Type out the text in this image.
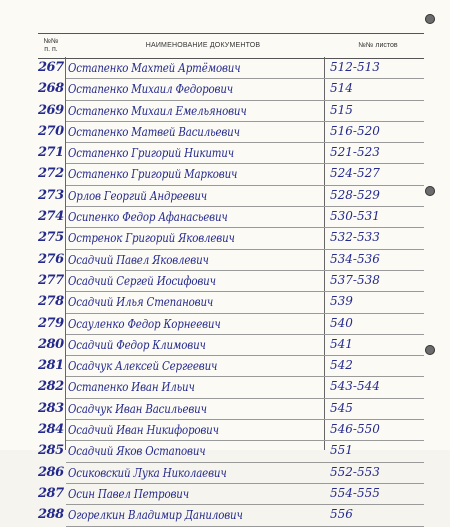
№№
п. п.
НАИМЕНОВАНИЕ ДОКУМЕНТОВ	№№ листов
267 Остапенко Махтей Артёмович	512-513
268 Остапенко Михаил Федорович	514
269 Остапенко Михаил Емельянович	515
270 Остапенко Матвей Васильевич	516-520
271 Остапенко Григорий Никитич	521-523
272 Остапенко Григорий Маркович	524-527
273 Орлов Георгий Андреевич	528-529
274 Осипенко Федор Афанасьевич	530-531
275 Остренок Григорий Яковлевич	532-533
276 Осадчий Павел Яковлевич	534-536
277 Осадчий Сергей Иосифович	537-538
278 Осадчий Илья Степанович	539
279 Осауленко Федор Корнеевич	540
280 Осадчий Федор Климович	541
281 Осадчук Алексей Сергеевич	542
282 Остапенко Иван Ильич	543-544
283 Осадчук Иван Васильевич	545
284 Осадчий Иван Никифорович	546-550
285 Осадчий Яков Остапович	551
286 Осиковский Лука Николаевич	552-553
287 Осин Павел Петрович	554-555
288 Огорелкин Владимир Данилович	556
